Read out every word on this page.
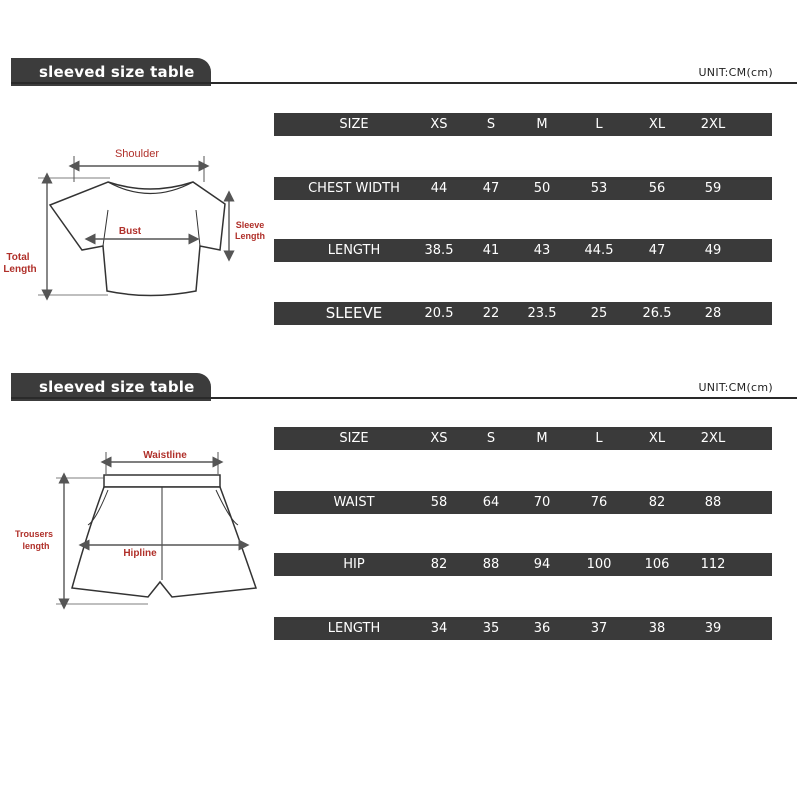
sleeved size table	UNIT:CM(cm)
Shoulder
Bust
Sleeve
Length
Total
Length
SIZE	XS	S	M	L	XL	2XL
CHEST WIDTH	44	47	50	53	56	59
LENGTH	38.5	41	43	44.5	47	49
SLEEVE	20.5	22	23.5	25	26.5	28
sleeved size table	UNIT:CM(cm)
Waistline
Hipline
Trousers
length
SIZE	XS	S	M	L	XL	2XL
WAIST	58	64	70	76	82	88
HIP	82	88	94	100	106	112
LENGTH	34	35	36	37	38	39
